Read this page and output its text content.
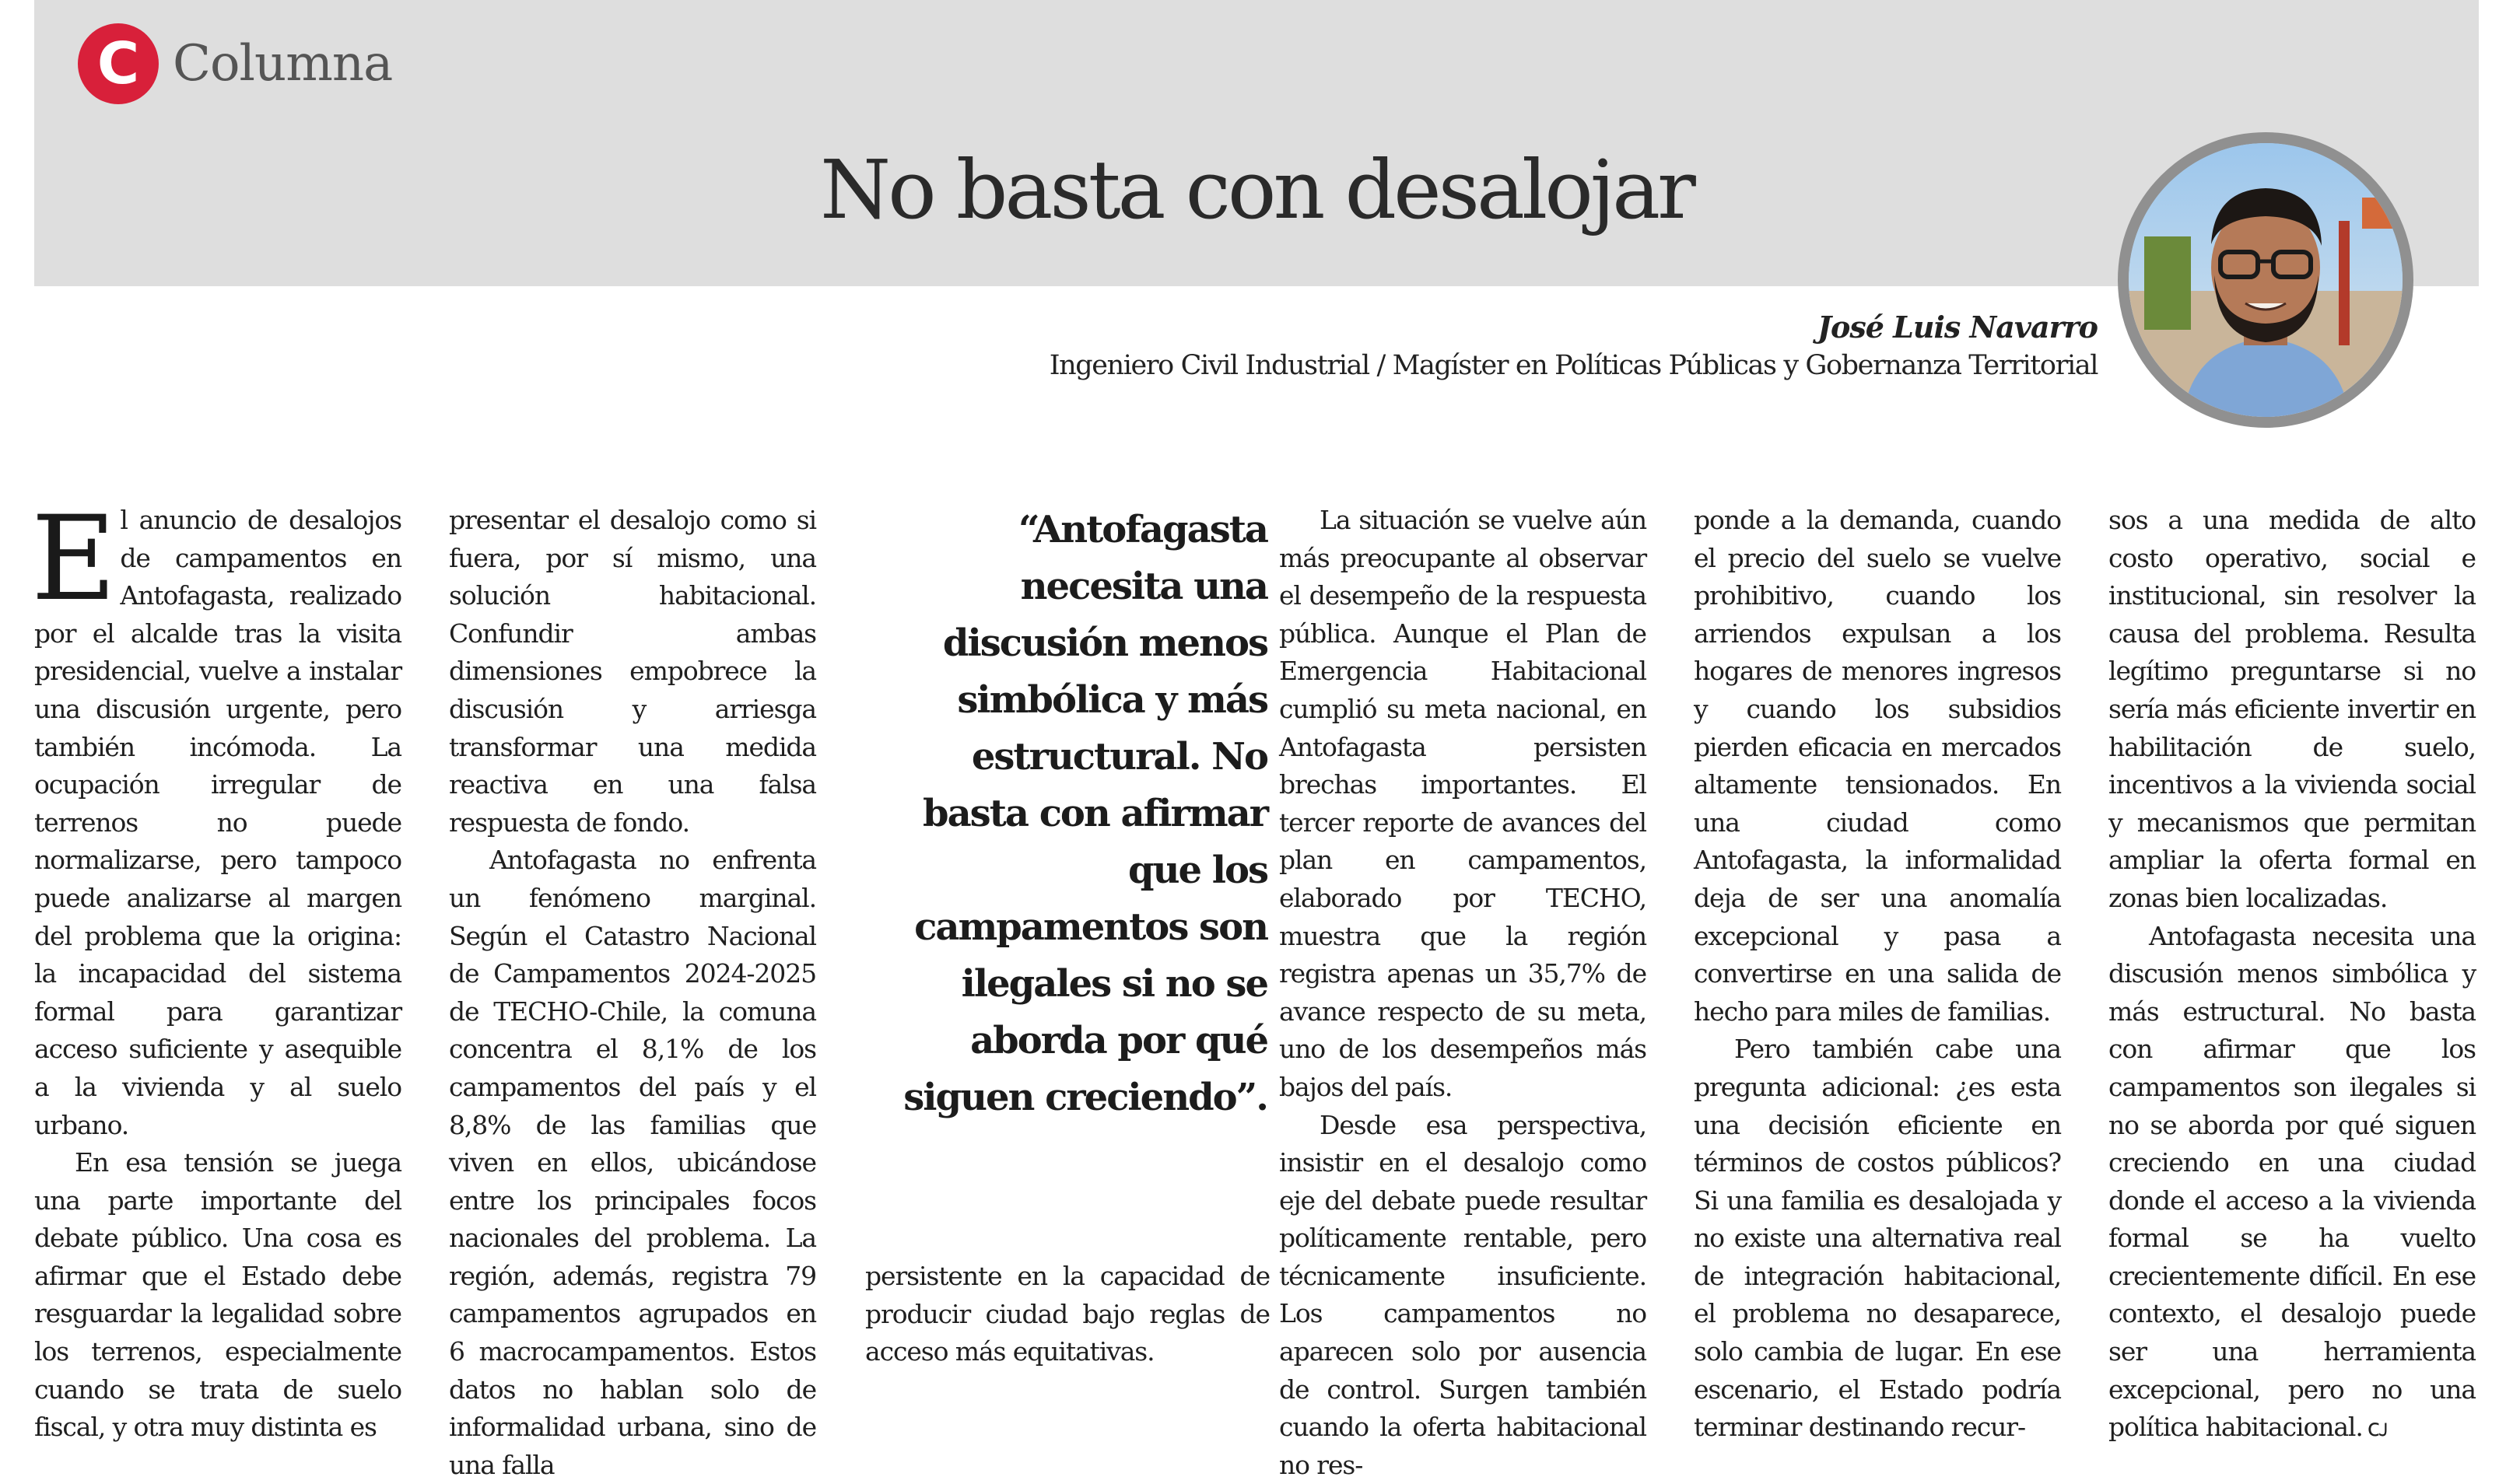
C Columna
No basta con desalojar
José Luis Navarro
Ingeniero Civil Industrial / Magíster en Políticas Públicas y Gobernanza Territorial

E l anuncio de desalojos de campamentos en Antofagasta, realizado por el alcalde tras la visita presidencial, vuelve a instalar una discusión urgente, pero también incómoda. La ocupación irregular de terrenos no puede normalizarse, pero tampoco puede analizarse al margen del problema que la origina: la incapacidad del sistema formal para garantizar acceso suficiente y asequible a la vivienda y al suelo urbano.

En esa tensión se juega una parte importante del debate público. Una cosa es afirmar que el Estado debe resguardar la legalidad sobre los terrenos, especialmente cuando se trata de suelo fiscal, y otra muy distinta es

presentar el desalojo como si fuera, por sí mismo, una solución habitacional. Confundir ambas dimensiones empobrece la discusión y arriesga transformar una medida reactiva en una falsa respuesta de fondo.

Antofagasta no enfrenta un fenómeno marginal. Según el Catastro Nacional de Campamentos 2024-2025 de TECHO-Chile, la comuna concentra el 8,1% de los campamentos del país y el 8,8% de las familias que viven en ellos, ubicándose entre los principales focos nacionales del problema. La región, además, registra 79 campamentos agrupados en 6 macrocampamentos. Estos datos no hablan solo de informalidad urbana, sino de una falla

“Antofagasta necesita una discusión menos simbólica y más estructural. No basta con afirmar que los campamentos son ilegales si no se aborda por qué siguen creciendo”.
persistente en la capacidad de producir ciudad bajo reglas de acceso más equitativas.

La situación se vuelve aún más preocupante al observar el desempeño de la respuesta pública. Aunque el Plan de Emergencia Habitacional cumplió su meta nacional, en Antofagasta persisten brechas importantes. El tercer reporte de avances del plan en campamentos, elaborado por TECHO, muestra que la región registra apenas un 35,7% de avance respecto de su meta, uno de los desempeños más bajos del país.

Desde esa perspectiva, insistir en el desalojo como eje del debate puede resultar políticamente rentable, pero técnicamente insuficiente. Los campamentos no aparecen solo por ausencia de control. Surgen también cuando la oferta habitacional no res-

ponde a la demanda, cuando el precio del suelo se vuelve prohibitivo, cuando los arriendos expulsan a los hogares de menores ingresos y cuando los subsidios pierden eficacia en mercados altamente tensionados. En una ciudad como Antofagasta, la informalidad deja de ser una anomalía excepcional y pasa a convertirse en una salida de hecho para miles de familias.

Pero también cabe una pregunta adicional: ¿es esta una decisión eficiente en términos de costos públicos? Si una familia es desalojada y no existe una alternativa real de integración habitacional, el problema no desaparece, solo cambia de lugar. En ese escenario, el Estado podría terminar destinando recur-

sos a una medida de alto costo operativo, social e institucional, sin resolver la causa del problema. Resulta legítimo preguntarse si no sería más eficiente invertir en habilitación de suelo, incentivos a la vivienda social y mecanismos que permitan ampliar la oferta formal en zonas bien localizadas.

Antofagasta necesita una discusión menos simbólica y más estructural. No basta con afirmar que los campamentos son ilegales si no se aborda por qué siguen creciendo en una ciudad donde el acceso a la vivienda formal se ha vuelto crecientemente difícil. En ese contexto, el desalojo puede ser una herramienta excepcional, pero no una política habitacional. ᴄᴊ
